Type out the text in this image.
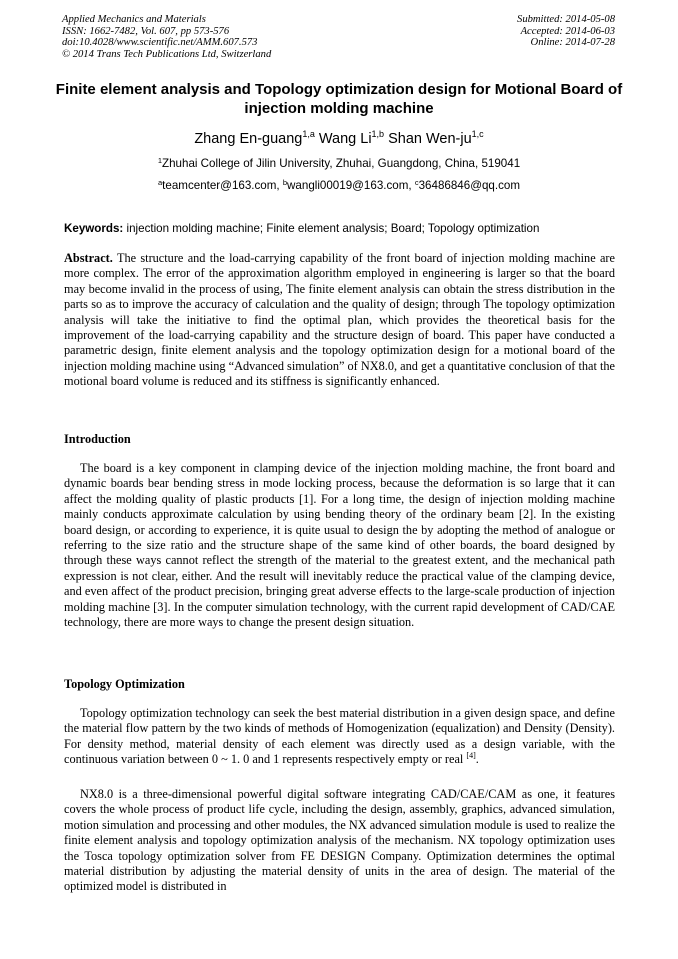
Applied Mechanics and Materials
ISSN: 1662-7482, Vol. 607, pp 573-576
doi:10.4028/www.scientific.net/AMM.607.573
© 2014 Trans Tech Publications Ltd, Switzerland
Submitted: 2014-05-08
Accepted: 2014-06-03
Online: 2014-07-28
Finite element analysis and Topology optimization design for Motional Board of injection molding machine
Zhang En-guang$^{1,a}$ Wang Li$^{1,b}$ Shan Wen-ju$^{1,c}$
$^1$Zhuhai College of Jilin University, Zhuhai, Guangdong, China, 519041
$^a$teamcenter@163.com, $^b$wangli00019@163.com, $^c$36486846@qq.com
Keywords: injection molding machine; Finite element analysis; Board; Topology optimization
Abstract. The structure and the load-carrying capability of the front board of injection molding machine are more complex. The error of the approximation algorithm employed in engineering is larger so that the board may become invalid in the process of using, The finite element analysis can obtain the stress distribution in the parts so as to improve the accuracy of calculation and the quality of design; through The topology optimization analysis will take the initiative to find the optimal plan, which provides the theoretical basis for the improvement of the load-carrying capability and the structure design of board. This paper have conducted a parametric design, finite element analysis and the topology optimization design for a motional board of the injection molding machine using “Advanced simulation” of NX8.0, and get a quantitative conclusion of that the motional board volume is reduced and its stiffness is significantly enhanced.
Introduction
The board is a key component in clamping device of the injection molding machine, the front board and dynamic boards bear bending stress in mode locking process, because the deformation is so large that it can affect the molding quality of plastic products [1]. For a long time, the design of injection molding machine mainly conducts approximate calculation by using bending theory of the ordinary beam [2]. In the existing board design, or according to experience, it is quite usual to design the by adopting the method of analogue or referring to the size ratio and the structure shape of the same kind of other boards, the board designed by through these ways cannot reflect the strength of the material to the greatest extent, and the mechanical path expression is not clear, either. And the result will inevitably reduce the practical value of the clamping device, and even affect of the product precision, bringing great adverse effects to the large-scale production of injection molding machine [3]. In the computer simulation technology, with the current rapid development of CAD/CAE technology, there are more ways to change the present design situation.
Topology Optimization
Topology optimization technology can seek the best material distribution in a given design space, and define the material flow pattern by the two kinds of methods of Homogenization (equalization) and Density (Density). For density method, material density of each element was directly used as a design variable, with the continuous variation between 0 ~ 1. 0 and 1 represents respectively empty or real [4].
NX8.0 is a three-dimensional powerful digital software integrating CAD/CAE/CAM as one, it features covers the whole process of product life cycle, including the design, assembly, graphics, advanced simulation, motion simulation and processing and other modules, the NX advanced simulation module is used to realize the finite element analysis and topology optimization analysis of the mechanism. NX topology optimization uses the Tosca topology optimization solver from FE DESIGN Company. Optimization determines the optimal material distribution by adjusting the material density of units in the area of design. The material of the optimized model is distributed in
